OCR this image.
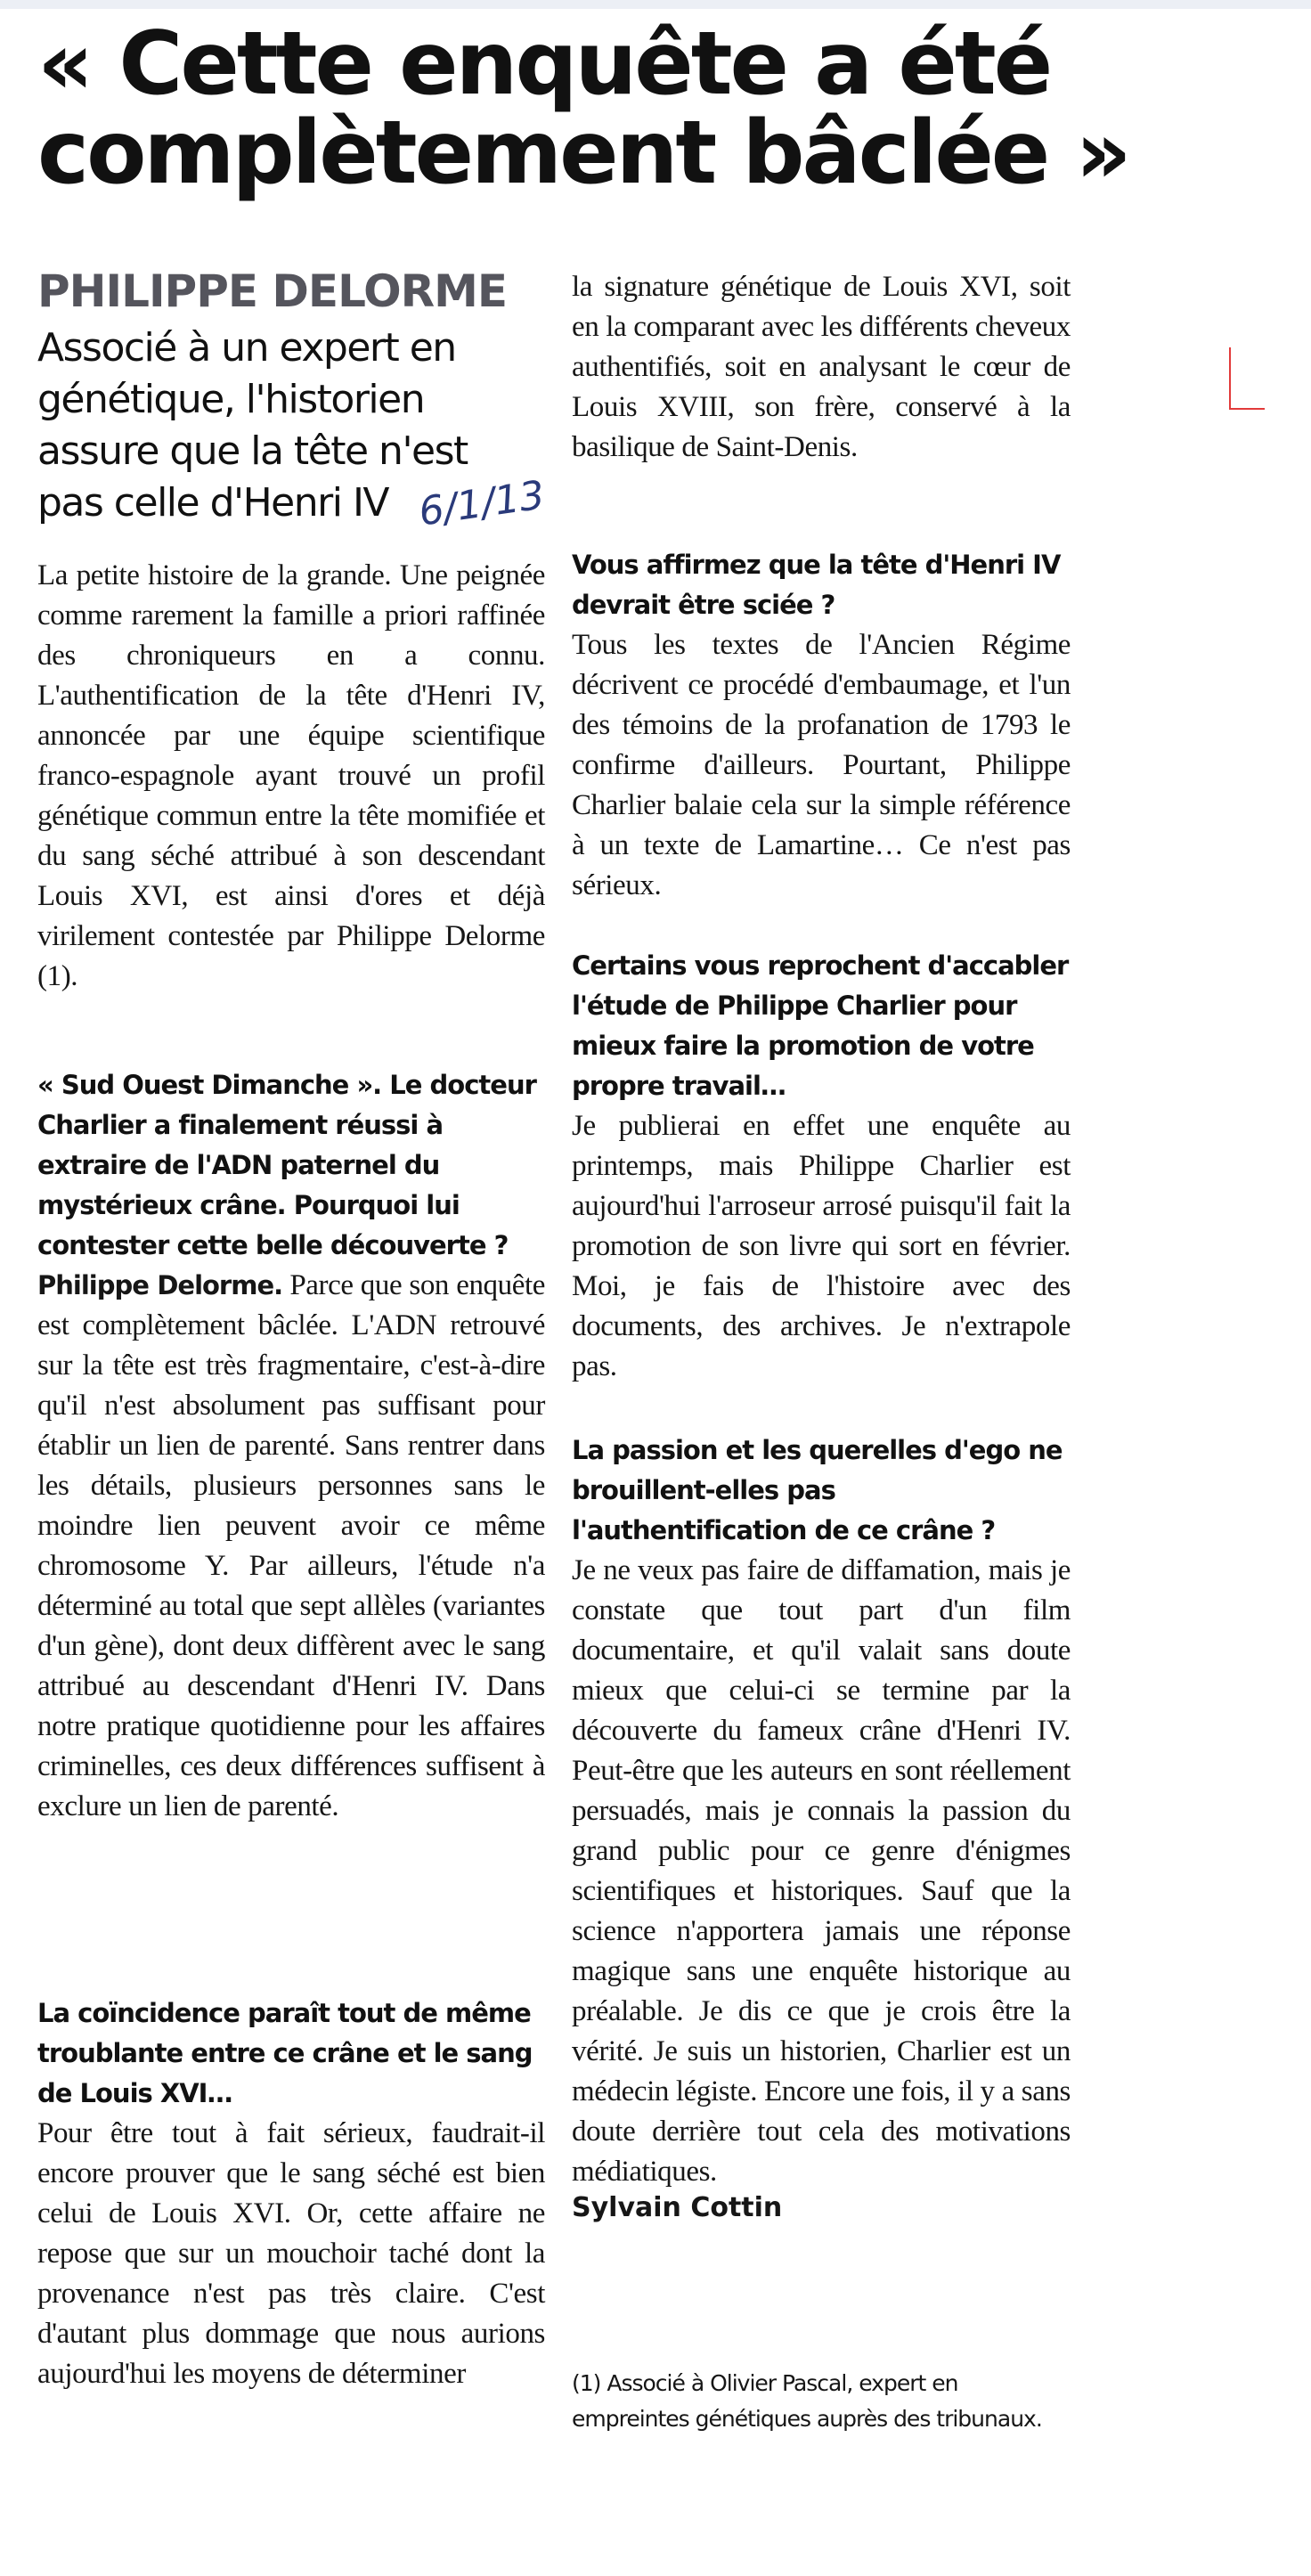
« Cette enquête a été complètement bâclée »
PHILIPPE DELORME

Associé à un expert en génétique, l'historien assure que la tête n'est pas celle d'Henri IV 6/1/13

La petite histoire de la grande. Une peignée comme rarement la famille a priori raffinée des chroniqueurs en a connu. L'authentification de la tête d'Henri IV, annoncée par une équipe scientifique franco-espagnole ayant trouvé un profil génétique commun entre la tête momifiée et du sang séché attribué à son descendant Louis XVI, est ainsi d'ores et déjà virilement contestée par Philippe Delorme (1).

« Sud Ouest Dimanche ». Le docteur Charlier a finalement réussi à extraire de l'ADN paternel du mystérieux crâne. Pourquoi lui contester cette belle découverte ?

Philippe Delorme. Parce que son enquête est complètement bâclée. L'ADN retrouvé sur la tête est très fragmentaire, c'est-à-dire qu'il n'est absolument pas suffisant pour établir un lien de parenté. Sans rentrer dans les détails, plusieurs personnes sans le moindre lien peuvent avoir ce même chromosome Y. Par ailleurs, l'étude n'a déterminé au total que sept allèles (variantes d'un gène), dont deux diffèrent avec le sang attribué au descendant d'Henri IV. Dans notre pratique quotidienne pour les affaires criminelles, ces deux différences suffisent à exclure un lien de parenté.

La coïncidence paraît tout de même troublante entre ce crâne et le sang de Louis XVI…

Pour être tout à fait sérieux, faudrait-il encore prouver que le sang séché est bien celui de Louis XVI. Or, cette affaire ne repose que sur un mouchoir taché dont la provenance n'est pas très claire. C'est d'autant plus dommage que nous aurions aujourd'hui les moyens de déterminer

la signature génétique de Louis XVI, soit en la comparant avec les différents cheveux authentifiés, soit en analysant le cœur de Louis XVIII, son frère, conservé à la basilique de Saint-Denis.

Vous affirmez que la tête d'Henri IV devrait être sciée ?

Tous les textes de l'Ancien Régime décrivent ce procédé d'embaumage, et l'un des témoins de la profanation de 1793 le confirme d'ailleurs. Pourtant, Philippe Charlier balaie cela sur la simple référence à un texte de Lamartine… Ce n'est pas sérieux.

Certains vous reprochent d'accabler l'étude de Philippe Charlier pour mieux faire la promotion de votre propre travail…

Je publierai en effet une enquête au printemps, mais Philippe Charlier est aujourd'hui l'arroseur arrosé puisqu'il fait la promotion de son livre qui sort en février. Moi, je fais de l'histoire avec des documents, des archives. Je n'extrapole pas.

La passion et les querelles d'ego ne brouillent-elles pas l'authentification de ce crâne ?

Je ne veux pas faire de diffamation, mais je constate que tout part d'un film documentaire, et qu'il valait sans doute mieux que celui-ci se termine par la découverte du fameux crâne d'Henri IV. Peut-être que les auteurs en sont réellement persuadés, mais je connais la passion du grand public pour ce genre d'énigmes scientifiques et historiques. Sauf que la science n'apportera jamais une réponse magique sans une enquête historique au préalable. Je dis ce que je crois être la vérité. Je suis un historien, Charlier est un médecin légiste. Encore une fois, il y a sans doute derrière tout cela des motivations médiatiques.

Sylvain Cottin

(1) Associé à Olivier Pascal, expert en empreintes génétiques auprès des tribunaux.
